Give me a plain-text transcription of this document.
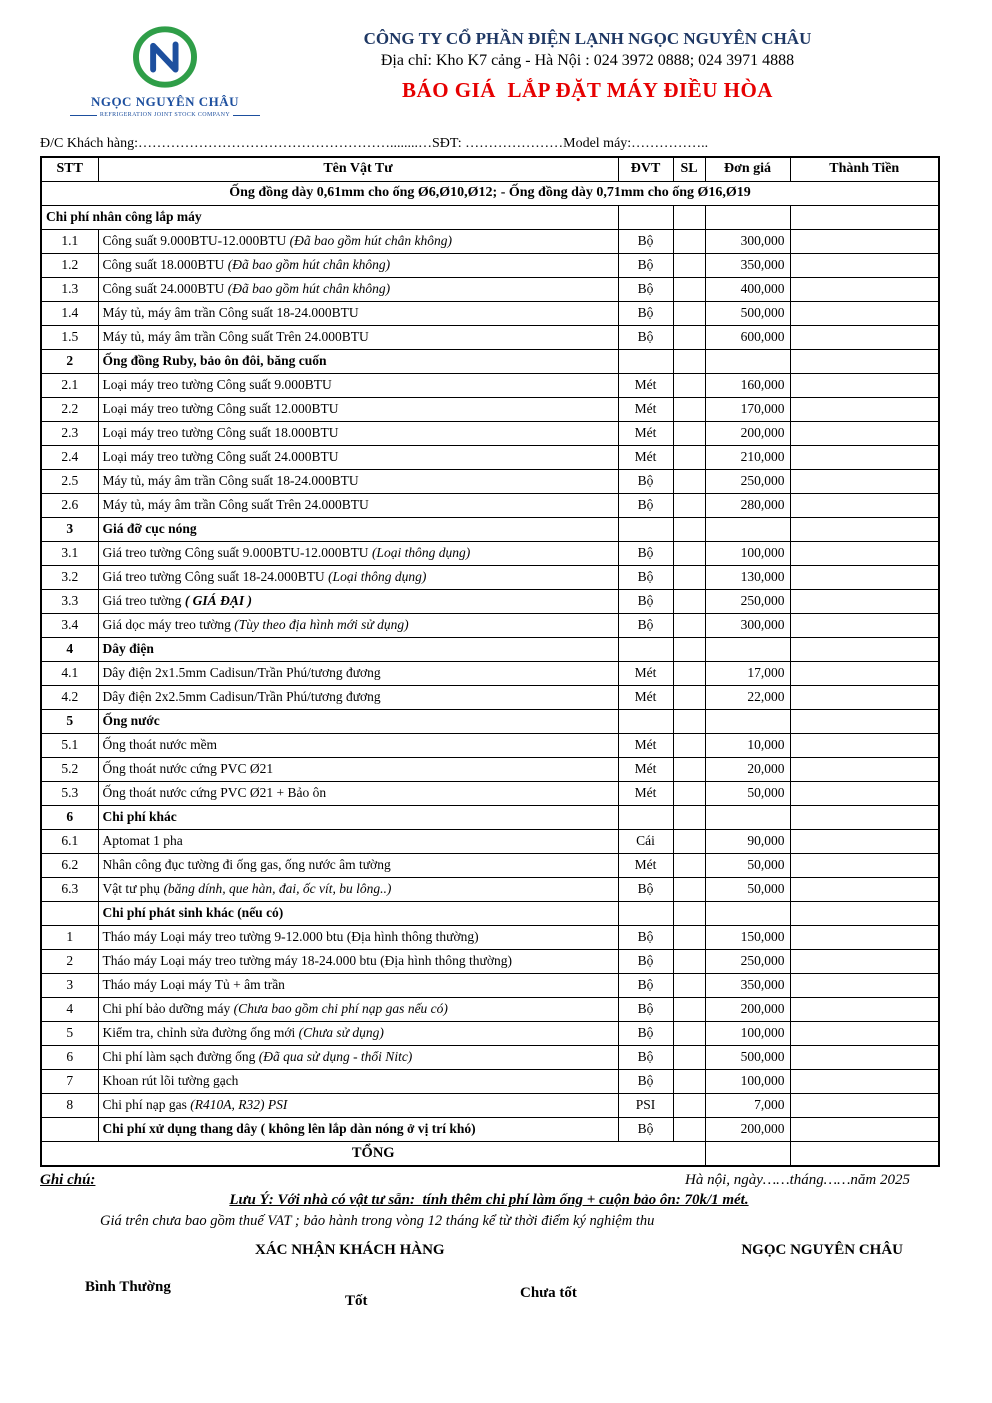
NGỌC NGUYÊN CHÂU
REFRIGERATION JOINT STOCK COMPANY
CÔNG TY CỔ PHẦN ĐIỆN LẠNH NGỌC NGUYÊN CHÂU
Địa chỉ: Kho K7 cảng - Hà Nội : 024 3972 0888; 024 3971 4888
BÁO GIÁ  LẮP ĐẶT MÁY ĐIỀU HÒA
Đ/C Khách hàng:………………………………………………........…SĐT: …………………Model máy:……………..
STT	Tên Vật Tư	ĐVT	SL	Đơn giá	Thành Tiền
Ống đồng dày 0,61mm cho ống Ø6,Ø10,Ø12; - Ống đồng dày 0,71mm cho ống Ø16,Ø19					
Chi phí nhân công lắp máy					
1.1	Công suất 9.000BTU-12.000BTU (Đã bao gồm hút chân không)	Bộ		300,000	
1.2	Công suất 18.000BTU (Đã bao gồm hút chân không)	Bộ		350,000	
1.3	Công suất 24.000BTU (Đã bao gồm hút chân không)	Bộ		400,000	
1.4	Máy tủ, máy âm trần Công suất 18-24.000BTU	Bộ		500,000	
1.5	Máy tủ, máy âm trần Công suất Trên 24.000BTU	Bộ		600,000	
2	Ống đồng Ruby, bảo ôn đôi, băng cuốn				
2.1	Loại máy treo tường Công suất 9.000BTU	Mét		160,000	
2.2	Loại máy treo tường Công suất 12.000BTU	Mét		170,000	
2.3	Loại máy treo tường Công suất 18.000BTU	Mét		200,000	
2.4	Loại máy treo tường Công suất 24.000BTU	Mét		210,000	
2.5	Máy tủ, máy âm trần Công suất 18-24.000BTU	Bộ		250,000	
2.6	Máy tủ, máy âm trần Công suất Trên 24.000BTU	Bộ		280,000	
3	Giá đỡ cục nóng				
3.1	Giá treo tường Công suất 9.000BTU-12.000BTU (Loại thông dụng)	Bộ		100,000	
3.2	Giá treo tường Công suất 18-24.000BTU (Loại thông dụng)	Bộ		130,000	
3.3	Giá treo tường ( GIÁ ĐẠI )	Bộ		250,000	
3.4	Giá dọc máy treo tường (Tùy theo địa hình mới sử dụng)	Bộ		300,000	
4	Dây điện				
4.1	Dây điện 2x1.5mm Cadisun/Trần Phú/tương đương	Mét		17,000	
4.2	Dây điện 2x2.5mm Cadisun/Trần Phú/tương đương	Mét		22,000	
5	Ống nước				
5.1	Ống thoát nước mềm	Mét		10,000	
5.2	Ống thoát nước cứng PVC Ø21	Mét		20,000	
5.3	Ống thoát nước cứng PVC Ø21 + Bảo ôn	Mét		50,000	
6	Chi phí khác				
6.1	Aptomat 1 pha	Cái		90,000	
6.2	Nhân công đục tường đi ống gas, ống nước âm tường	Mét		50,000	
6.3	Vật tư phụ (băng dính, que hàn, đai, ốc vít, bu lông..)	Bộ		50,000	
	Chi phí phát sinh khác (nếu có)				
1	Tháo máy Loại máy treo tường 9-12.000 btu (Địa hình thông thường)	Bộ		150,000	
2	Tháo máy Loại máy treo tường máy 18-24.000 btu (Địa hình thông thường)	Bộ		250,000	
3	Tháo máy Loại máy Tủ + âm trần	Bộ		350,000	
4	Chi phí bảo dưỡng máy (Chưa bao gồm chi phí nạp gas nếu có)	Bộ		200,000	
5	Kiểm tra, chỉnh sửa đường ống mới (Chưa sử dụng)	Bộ		100,000	
6	Chi phí làm sạch đường ống (Đã qua sử dụng - thổi Nitc)	Bộ		500,000	
7	Khoan rút lõi tường gạch	Bộ		100,000	
8	Chi phí nạp gas (R410A, R32) PSI	PSI		7,000	
	Chi phí xử dụng thang dây ( không lên lắp dàn nóng ở vị trí khó)	Bộ		200,000	
TỔNG					
Ghi chú:	Hà nội, ngày……tháng……năm 2025
Lưu Ý: Với nhà có vật tư sẵn:  tính thêm chi phí làm ống + cuộn bảo ôn: 70k/1 mét.
Giá trên chưa bao gồm thuế VAT ; bảo hành trong vòng 12 tháng kể từ thời điểm ký nghiệm thu
XÁC NHẬN KHÁCH HÀNG	NGỌC NGUYÊN CHÂU
Bình Thường
Tốt	Chưa tốt
